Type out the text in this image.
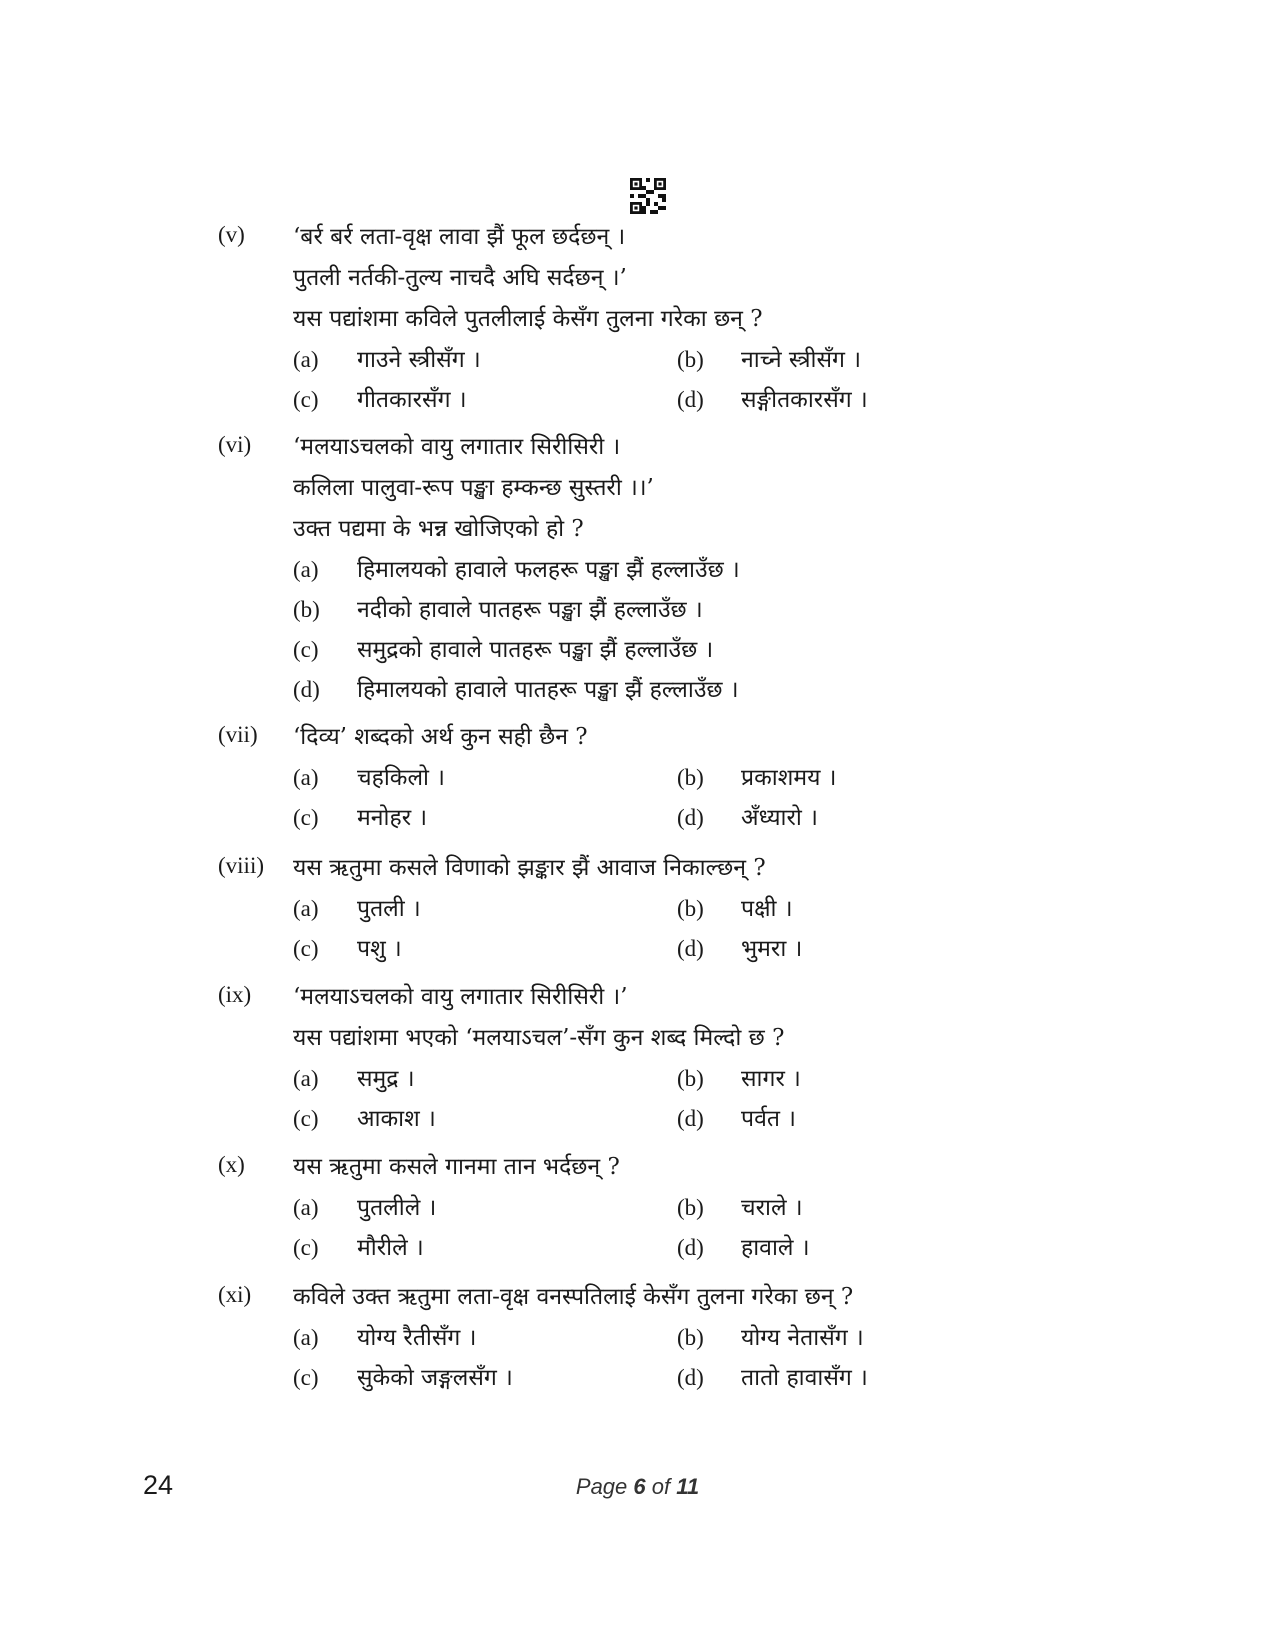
(v) ‘बर्र बर्र लता-वृक्ष लावा झैं फूल छर्दछन् ।
पुतली नर्तकी-तुल्य नाचदै अघि सर्दछन् ।’
यस पद्यांशमा कविले पुतलीलाई केसँग तुलना गरेका छन् ?
(a) गाउने स्त्रीसँग ।	(b) नाच्ने स्त्रीसँग ।
(c) गीतकारसँग ।	(d) सङ्गीतकारसँग ।
(vi) ‘मलयाऽचलको वायु लगातार सिरीसिरी ।
कलिला पालुवा-रूप पङ्खा हम्कन्छ सुस्तरी ।।’
उक्त पद्यमा के भन्न खोजिएको हो ?
(a) हिमालयको हावाले फलहरू पङ्खा झैं हल्लाउँछ ।
(b) नदीको हावाले पातहरू पङ्खा झैं हल्लाउँछ ।
(c) समुद्रको हावाले पातहरू पङ्खा झैं हल्लाउँछ ।
(d) हिमालयको हावाले पातहरू पङ्खा झैं हल्लाउँछ ।
(vii) ‘दिव्य’ शब्दको अर्थ कुन सही छैन ?
(a) चहकिलो ।	(b) प्रकाशमय ।
(c) मनोहर ।	(d) अँध्यारो ।
(viii) यस ऋतुमा कसले विणाको झङ्कार झैं आवाज निकाल्छन् ?
(a) पुतली ।	(b) पक्षी ।
(c) पशु ।	(d) भुमरा ।
(ix) ‘मलयाऽचलको वायु लगातार सिरीसिरी ।’
यस पद्यांशमा भएको ‘मलयाऽचल’-सँग कुन शब्द मिल्दो छ ?
(a) समुद्र ।	(b) सागर ।
(c) आकाश ।	(d) पर्वत ।
(x) यस ऋतुमा कसले गानमा तान भर्दछन् ?
(a) पुतलीले ।	(b) चराले ।
(c) मौरीले ।	(d) हावाले ।
(xi) कविले उक्त ऋतुमा लता-वृक्ष वनस्पतिलाई केसँग तुलना गरेका छन् ?
(a) योग्य रैतीसँग ।	(b) योग्य नेतासँग ।
(c) सुकेको जङ्गलसँग ।	(d) तातो हावासँग ।
24	Page 6 of 11
